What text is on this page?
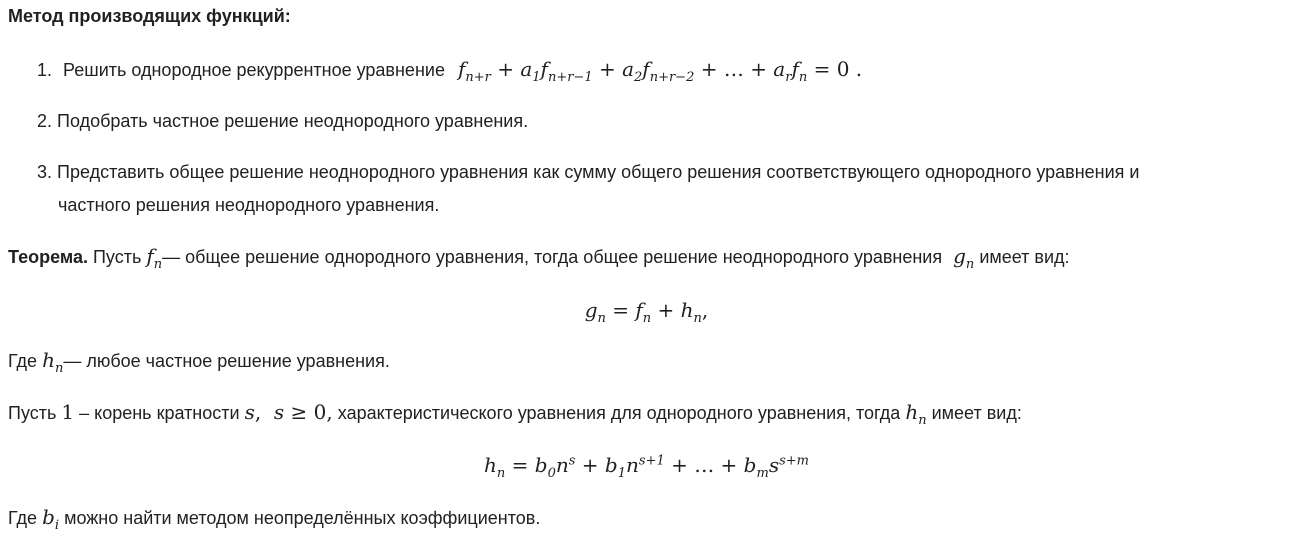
Метод производящих функций:
1. Решить однородное рекуррентное уравнение $f_{n+r} + a_1f_{n+r-1} + a_2f_{n+r-2}$ + … + $a_rf_n = 0$ .
2. Подобрать частное решение неоднородного уравнения.
3. Представить общее решение неоднородного уравнения как сумму общего решения соответствующего однородного уравнения и
частного решения неоднородного уравнения.
Теорема. Пусть $f_n—$ общее решение однородного уравнения, тогда общее решение неоднородного уравнения $g_n$ имеет вид:
$g_n = f_n + h_n$,
Где $h_n—$ любое частное решение уравнения.
Пусть 1 – корень кратности s,  s ≥ 0, характеристического уравнения для однородного уравнения, тогда $h_n$ имеет вид:
$h_n = b_0n^s + b_1n^{s+1}$ + … + $b_ms^{s+m}$
Где $b_i$ можно найти методом неопределённых коэффициентов.
